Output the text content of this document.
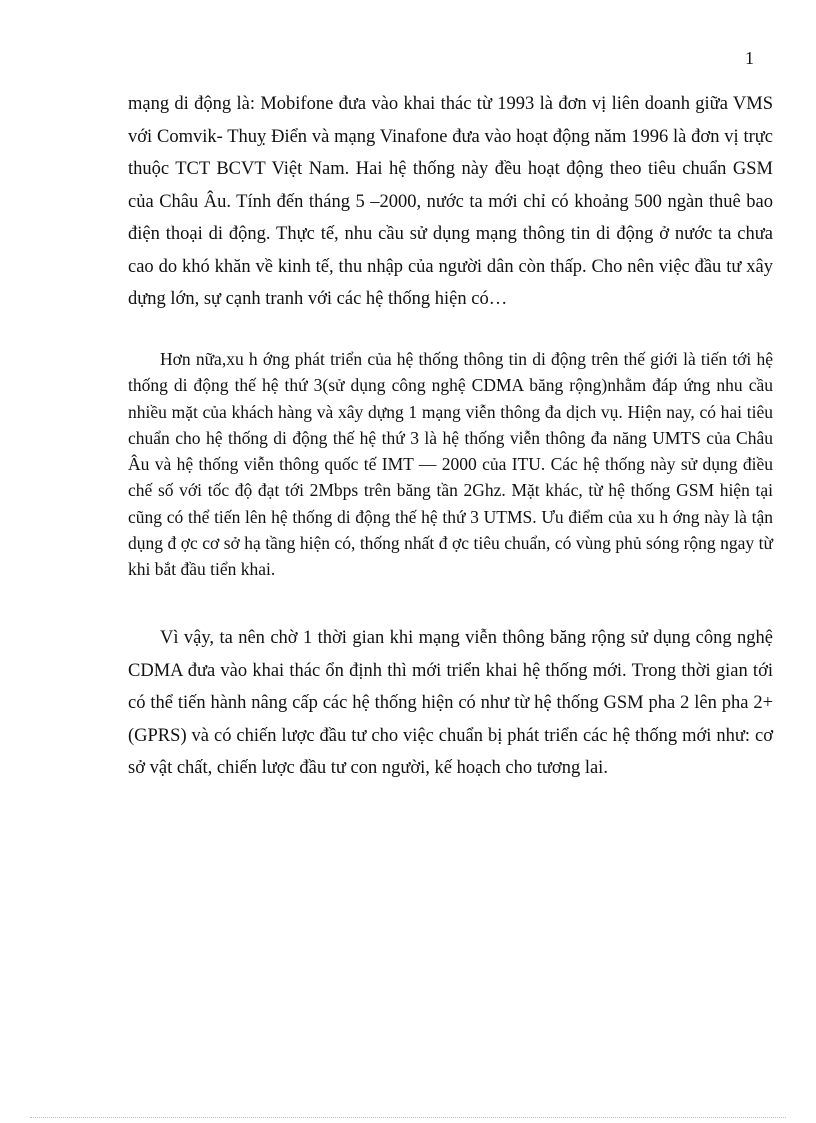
1

mạng di động là: Mobifone đưa vào khai thác từ 1993 là đơn vị liên doanh giữa VMS với Comvik- Thuỵ Điển và mạng Vinafone đưa vào hoạt động năm 1996 là đơn vị trực thuộc TCT BCVT Việt Nam. Hai hệ thống này đều hoạt động theo tiêu chuẩn GSM của Châu Âu. Tính đến tháng 5 –2000, nước ta mới chỉ có khoảng 500 ngàn thuê bao điện thoại di động. Thực tế, nhu cầu sử dụng mạng thông tin di động ở nước ta chưa cao do khó khăn về kinh tế, thu nhập của người dân còn thấp. Cho nên việc đầu tư xây dựng lớn, sự cạnh tranh với các hệ thống hiện có…

Hơn nữa,xu h ớng phát triển của hệ thống thông tin di động trên thế giới là tiến tới hệ thống di động thế hệ thứ 3(sử dụng công nghệ CDMA băng rộng)nhằm đáp ứng nhu cầu nhiều mặt của khách hàng và xây dựng 1 mạng viễn thông đa dịch vụ. Hiện nay, có hai tiêu chuẩn cho hệ thống di động thế hệ thứ 3 là hệ thống viễn thông đa năng UMTS của Châu Âu và hệ thống viễn thông quốc tế IMT — 2000 của ITU. Các hệ thống này sử dụng điều chế số với tốc độ đạt tới 2Mbps trên băng tần 2Ghz. Mặt khác, từ hệ thống GSM hiện tại cũng có thể tiến lên hệ thống di động thế hệ thứ 3 UTMS. Ưu điểm của xu h ớng này là tận dụng đ ợc cơ sở hạ tầng hiện có, thống nhất đ ợc tiêu chuẩn, có vùng phủ sóng rộng ngay từ khi bắt đầu tiển khai.

Vì vậy, ta nên chờ 1 thời gian khi mạng viễn thông băng rộng sử dụng công nghệ CDMA đưa vào khai thác ổn định thì mới triển khai hệ thống mới. Trong thời gian tới có thể tiến hành nâng cấp các hệ thống hiện có như từ hệ thống GSM pha 2 lên pha 2+(GPRS) và có chiến lược đầu tư cho việc chuẩn bị phát triển các hệ thống mới như: cơ sở vật chất, chiến lược đầu tư con người, kế hoạch cho tương lai.
